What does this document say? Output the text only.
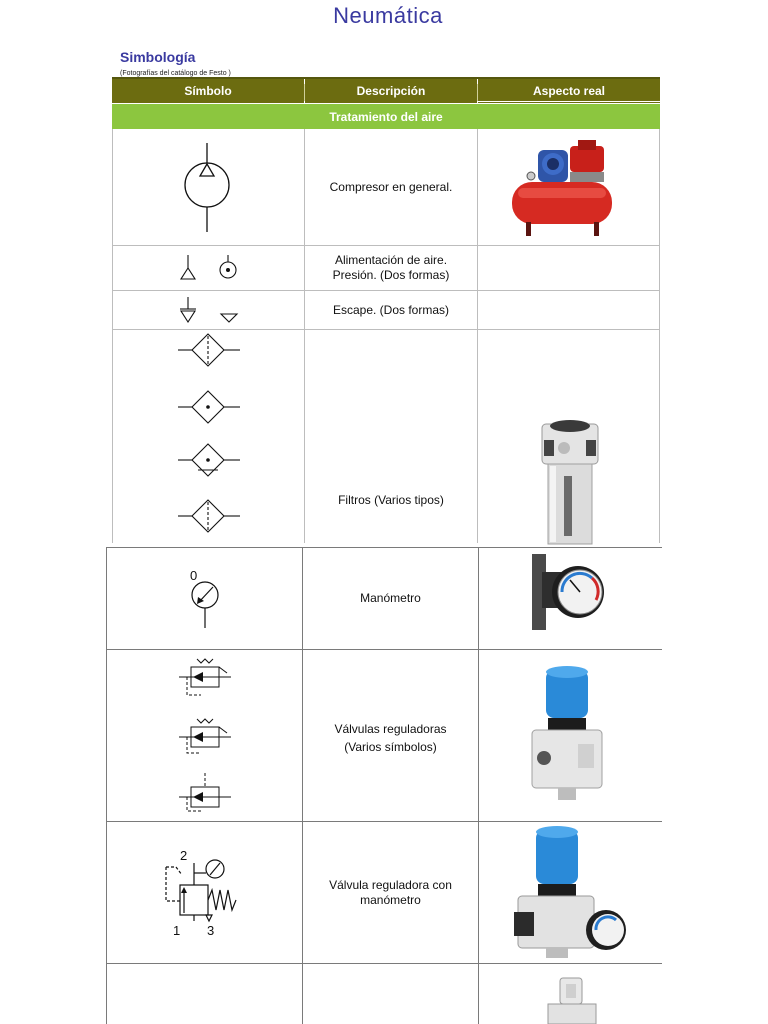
Neumática
Simbología
(Fotografías del catálogo de Festo )
Símbolo	Descripción	Aspecto real
Tratamiento del aire
Compresor en general.
Alimentación de aire.
Presión. (Dos formas)
Escape. (Dos formas)
Filtros (Varios tipos)
Manómetro
Válvulas reguladoras
(Varios símbolos)
Válvula reguladora con
manómetro
0
2
1 3
